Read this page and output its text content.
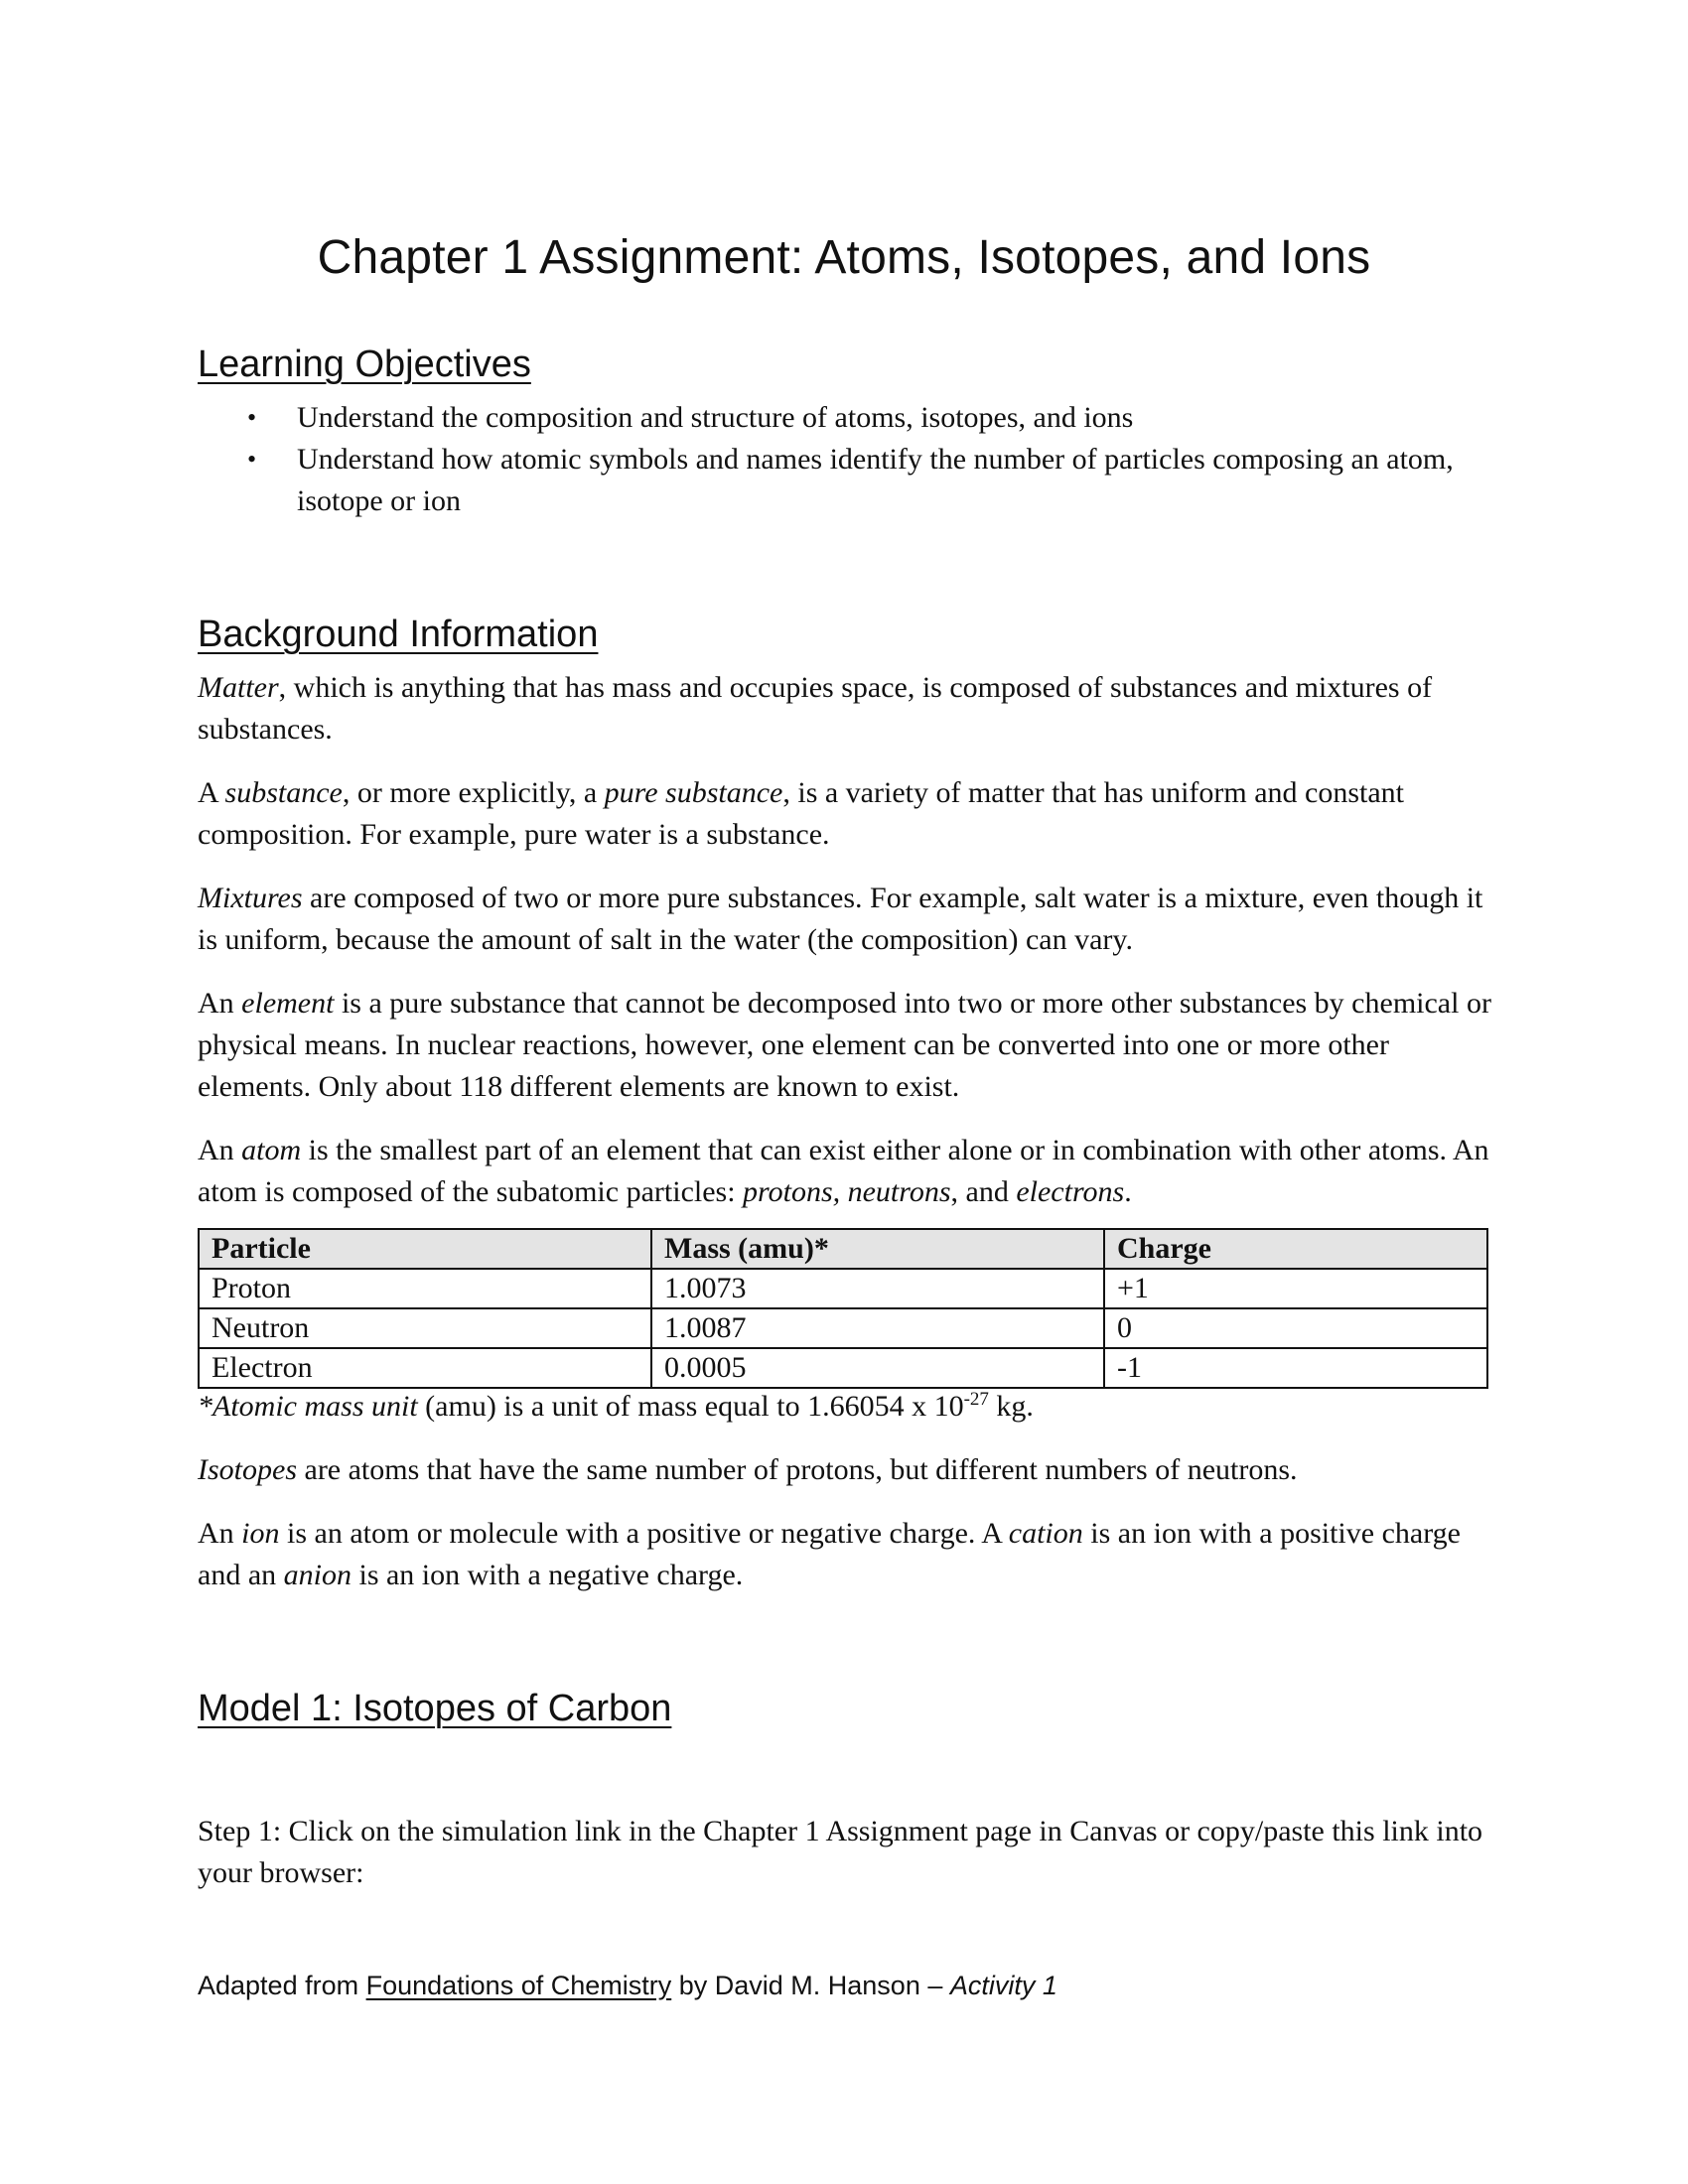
Chapter 1 Assignment: Atoms, Isotopes, and Ions
Learning Objectives
• Understand the composition and structure of atoms, isotopes, and ions
• Understand how atomic symbols and names identify the number of particles composing an atom, isotope or ion
Background Information

Matter, which is anything that has mass and occupies space, is composed of substances and mixtures of substances.

A substance, or more explicitly, a pure substance, is a variety of matter that has uniform and constant composition. For example, pure water is a substance.

Mixtures are composed of two or more pure substances. For example, salt water is a mixture, even though it is uniform, because the amount of salt in the water (the composition) can vary.

An element is a pure substance that cannot be decomposed into two or more other substances by chemical or physical means. In nuclear reactions, however, one element can be converted into one or more other elements. Only about 118 different elements are known to exist.

An atom is the smallest part of an element that can exist either alone or in combination with other atoms. An atom is composed of the subatomic particles: protons, neutrons, and electrons.

Particle	Mass (amu)*	Charge
Proton	1.0073	+1
Neutron	1.0087	0
Electron	0.0005	-1

*Atomic mass unit (amu) is a unit of mass equal to 1.66054 x $10^{-27}$ kg.

Isotopes are atoms that have the same number of protons, but different numbers of neutrons.

An ion is an atom or molecule with a positive or negative charge. A cation is an ion with a positive charge and an anion is an ion with a negative charge.

Model 1: Isotopes of Carbon

Step 1: Click on the simulation link in the Chapter 1 Assignment page in Canvas or copy/paste this link into your browser:

Adapted from Foundations of Chemistry by David M. Hanson – Activity 1
